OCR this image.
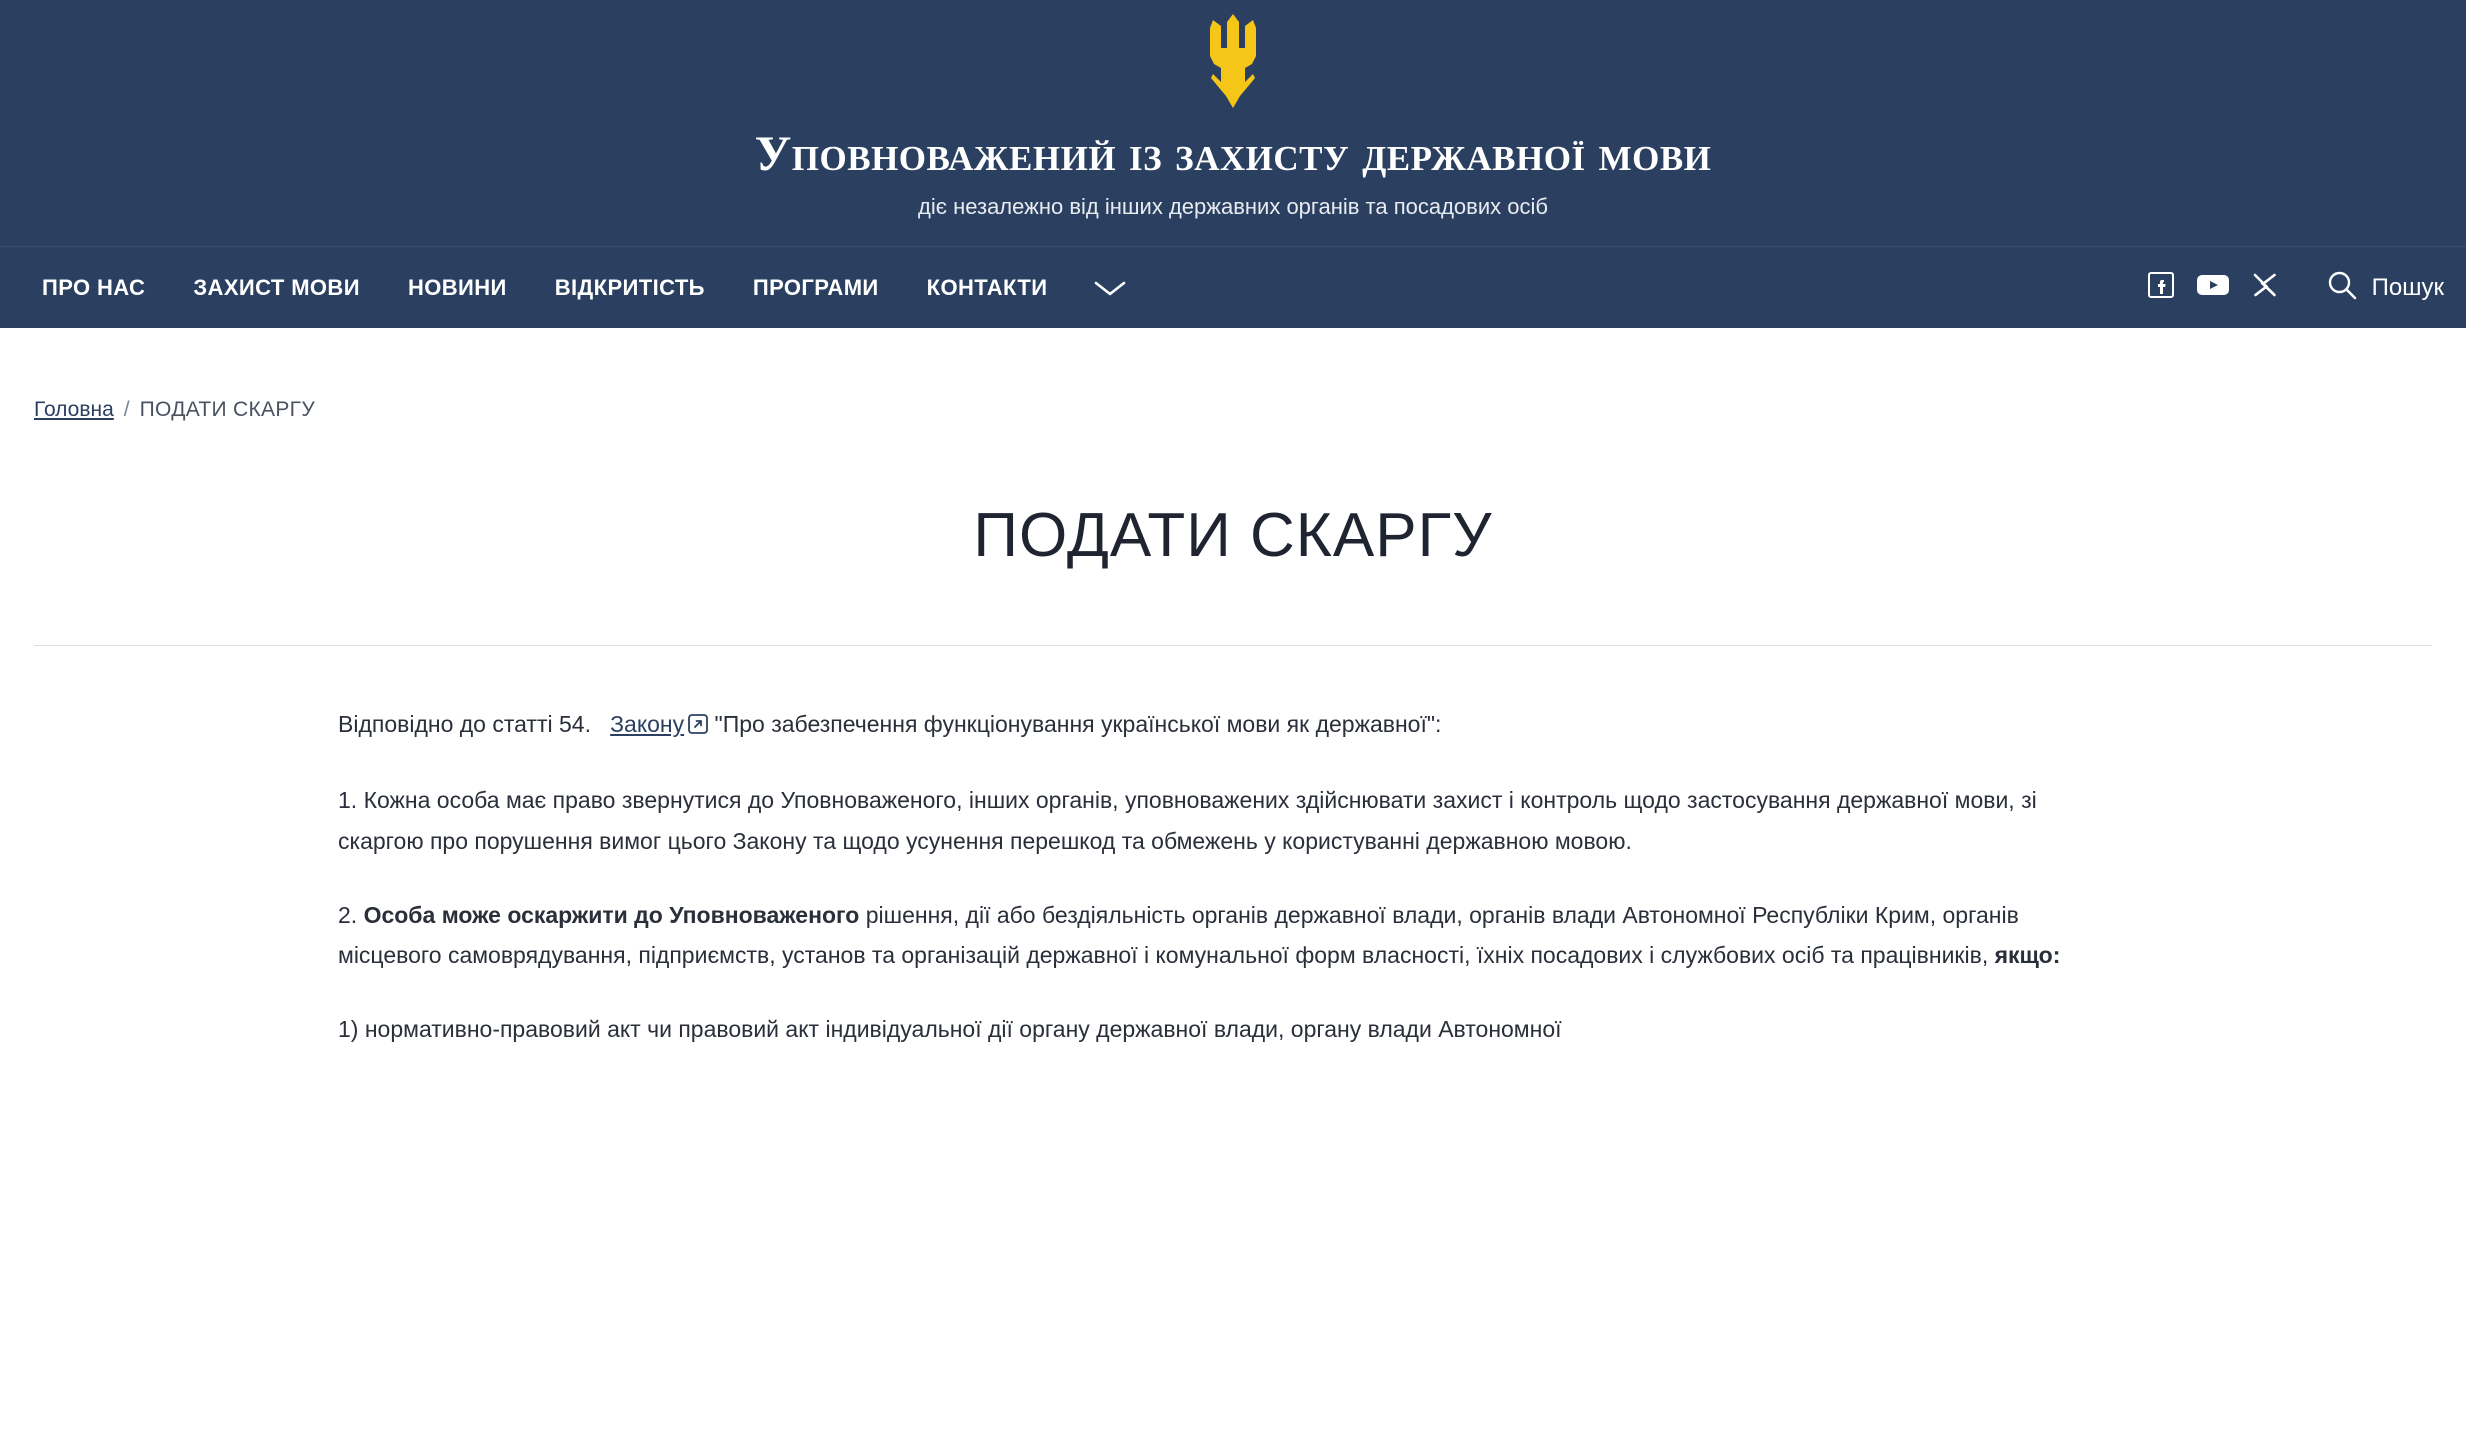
Уповноважений із захисту державної мови
діє незалежно від інших державних органів та посадових осіб
ПРО НАС	ЗАХИСТ МОВИ	НОВИНИ	ВІДКРИТІСТЬ	ПРОГРАМИ	КОНТАКТИ	Пошук
Головна / ПОДАТИ СКАРГУ
ПОДАТИ СКАРГУ

Відповідно до статті 54. Закону "Про забезпечення функціонування української мови як державної":

1. Кожна особа має право звернутися до Уповноваженого, інших органів, уповноважених здійснювати захист і контроль щодо застосування державної мови, зі скаргою про порушення вимог цього Закону та щодо усунення перешкод та обмежень у користуванні державною мовою.

2. Особа може оскаржити до Уповноваженого рішення, дії або бездіяльність органів державної влади, органів влади Автономної Республіки Крим, органів місцевого самоврядування, підприємств, установ та організацій державної і комунальної форм власності, їхніх посадових і службових осіб та працівників, якщо:

1) нормативно-правовий акт чи правовий акт індивідуальної дії органу державної влади, органу влади Автономної
